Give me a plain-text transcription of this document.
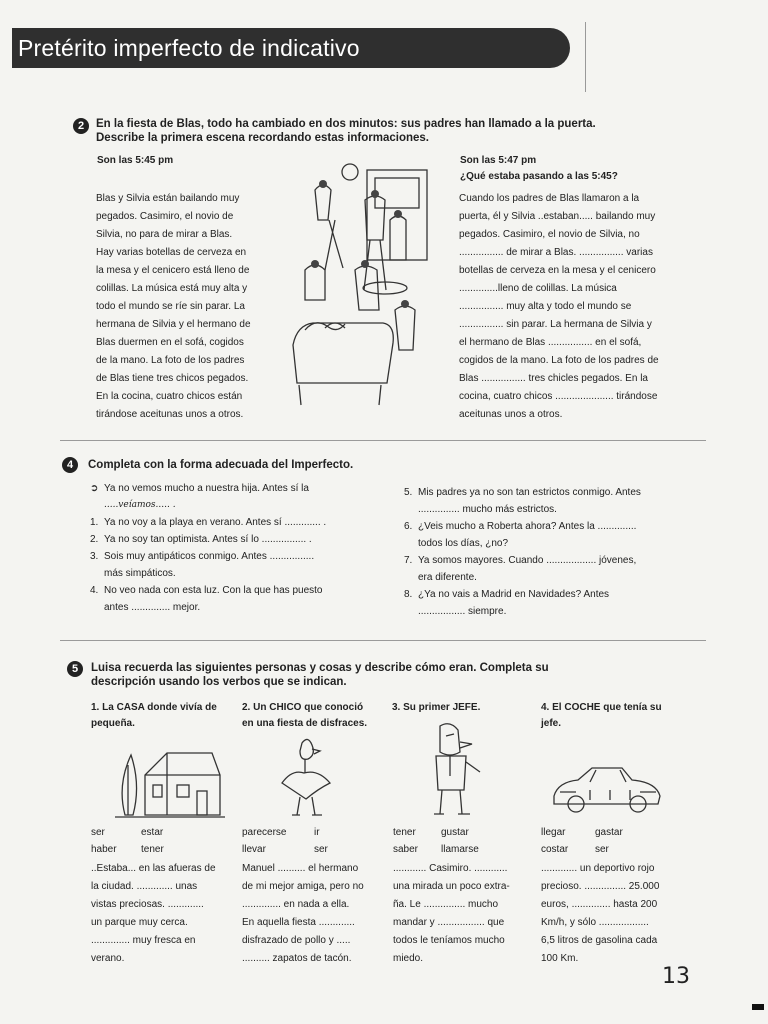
Pretérito imperfecto de indicativo
2	En la fiesta de Blas, todo ha cambiado en dos minutos: sus padres han llamado a la puerta. Describe la primera escena recordando estas informaciones.
Son las 5:45 pm
Blas y Silvia están bailando muy
pegados. Casimiro, el novio de
Silvia, no para de mirar a Blas.
Hay varias botellas de cerveza en
la mesa y el cenicero está lleno de
colillas. La música está muy alta y
todo el mundo se ríe sin parar. La
hermana de Silvia y el hermano de
Blas duermen en el sofá, cogidos
de la mano. La foto de los padres
de Blas tiene tres chicos pegados.
En la cocina, cuatro chicos están
tirándose aceitunas unos a otros.
Son las 5:47 pm
¿Qué estaba pasando a las 5:45?
Cuando los padres de Blas llamaron a la
puerta, él y Silvia ..estaban..... bailando muy
pegados. Casimiro, el novio de Silvia, no
................ de mirar a Blas. ................ varias
botellas de cerveza en la mesa y el cenicero
..............lleno de colillas. La música
................ muy alta y todo el mundo se
................ sin parar. La hermana de Silvia y
el hermano de Blas ................ en el sofá,
cogidos de la mano. La foto de los padres de
Blas ................ tres chicles pegados. En la
cocina, cuatro chicos ..................... tirándose
aceitunas unos a otros.
4	Completa con la forma adecuada del Imperfecto.
➲ Ya no vemos mucho a nuestra hija. Antes sí la
.....veíamos..... .
1. Ya no voy a la playa en verano. Antes sí ............. .
2. Ya no soy tan optimista. Antes sí lo ................ .
3. Sois muy antipáticos conmigo. Antes ................
más simpáticos.
4. No veo nada con esta luz. Con la que has puesto
antes .............. mejor.
5. Mis padres ya no son tan estrictos conmigo. Antes
............... mucho más estrictos.
6. ¿Veis mucho a Roberta ahora? Antes la ..............
todos los días, ¿no?
7. Ya somos mayores. Cuando .................. jóvenes,
era diferente.
8. ¿Ya no vais a Madrid en Navidades? Antes
................. siempre.
5	Luisa recuerda las siguientes personas y cosas y describe cómo eran. Completa su descripción usando los verbos que se indican.
1. La CASA donde vivía de
pequeña.
ser	estar
haber tener
..Estaba... en las afueras de
la ciudad. ............. unas
vistas preciosas. .............
un parque muy cerca.
.............. muy fresca en
verano.
2. Un CHICO que conoció
en una fiesta de disfraces.
parecerse	ir
llevar	ser
Manuel .......... el hermano
de mi mejor amiga, pero no
.............. en nada a ella.
En aquella fiesta .............
disfrazado de pollo y .....
.......... zapatos de tacón.
3. Su primer JEFE.
tener	gustar
saber llamarse
............ Casimiro. ............
una mirada un poco extra-
ña. Le ............... mucho
mandar y ................. que
todos le teníamos mucho
miedo.
4. El COCHE que tenía su
jefe.
llegar	gastar
costar	ser
............. un deportivo rojo
precioso. ............... 25.000
euros, .............. hasta 200
Km/h, y sólo ..................
6,5 litros de gasolina cada
100 Km.
13
